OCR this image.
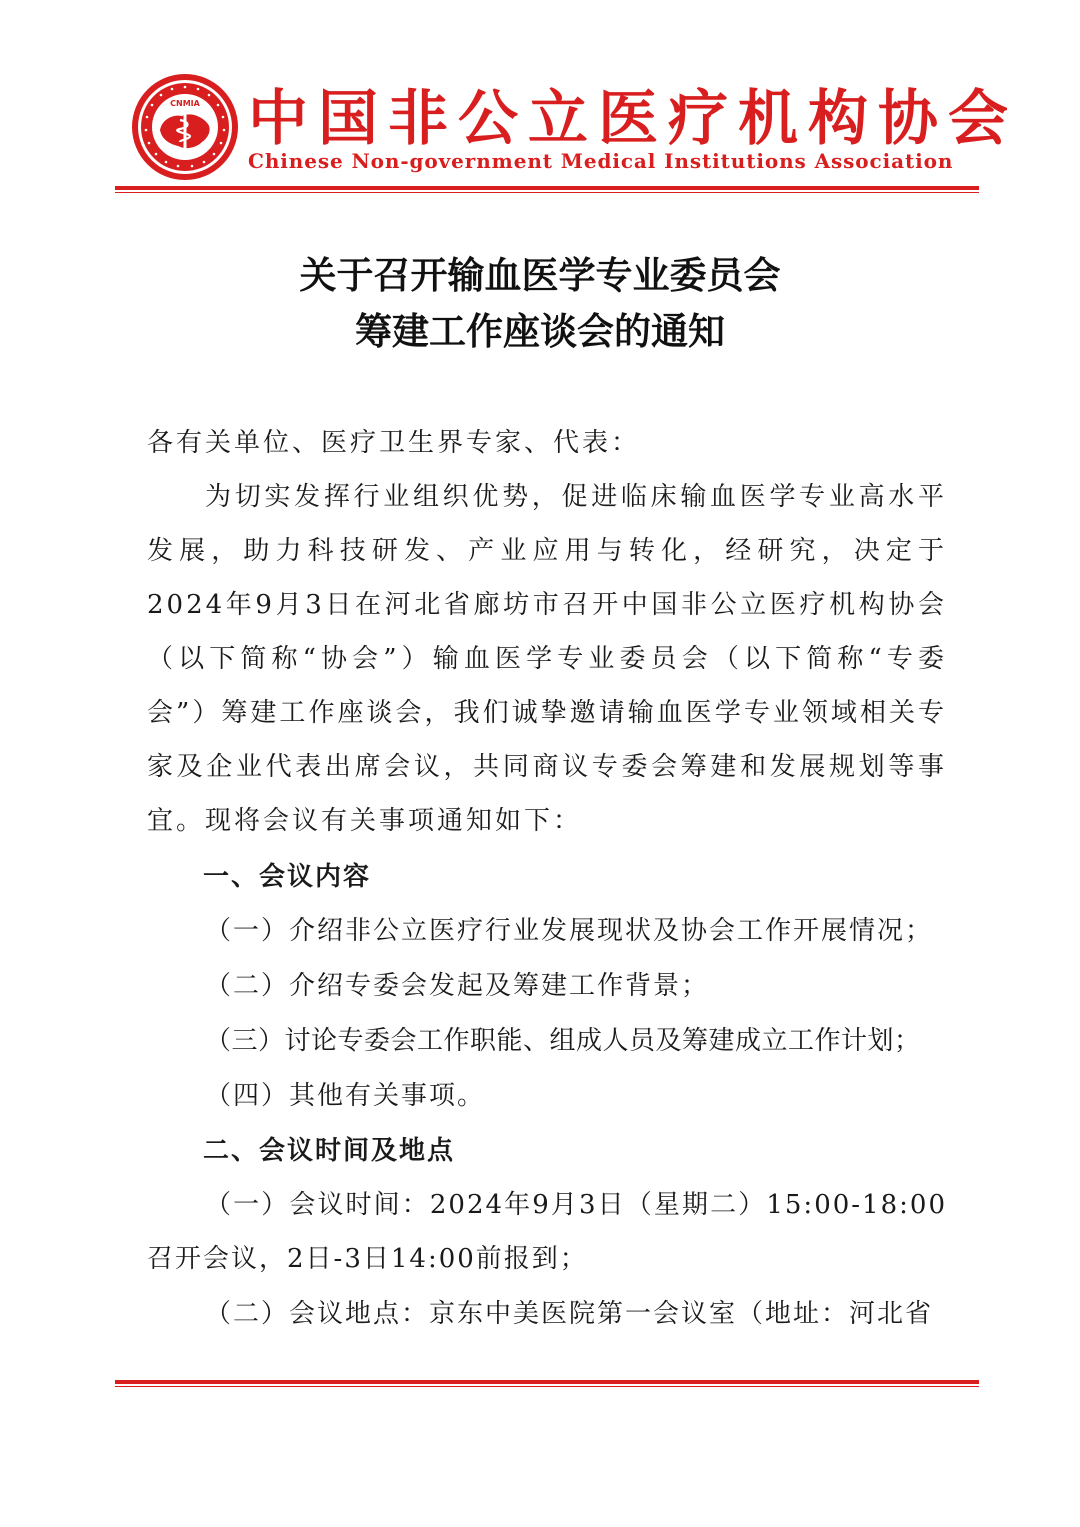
CNMIA 中国非公立医疗机构协会
Chinese Non-government Medical Institutions Association
关于召开输血医学专业委员会
筹建工作座谈会的通知
各有关单位、医疗卫生界专家、代表：
为切实发挥行业组织优势，促进临床输血医学专业高水平发展，助力科技研发、产业应用与转化，经研究，决定于2024年9月3日在河北省廊坊市召开中国非公立医疗机构协会（以下简称“协会”）输血医学专业委员会（以下简称“专委会”）筹建工作座谈会，我们诚挚邀请输血医学专业领域相关专家及企业代表出席会议，共同商议专委会筹建和发展规划等事宜。现将会议有关事项通知如下：
一、会议内容
（一）介绍非公立医疗行业发展现状及协会工作开展情况；
（二）介绍专委会发起及筹建工作背景；
（三）讨论专委会工作职能、组成人员及筹建成立工作计划；
（四）其他有关事项。
二、会议时间及地点
（一）会议时间：2024年9月3日（星期二）15:00-18:00召开会议，2日-3日14:00前报到；
（二）会议地点：京东中美医院第一会议室（地址：河北省
